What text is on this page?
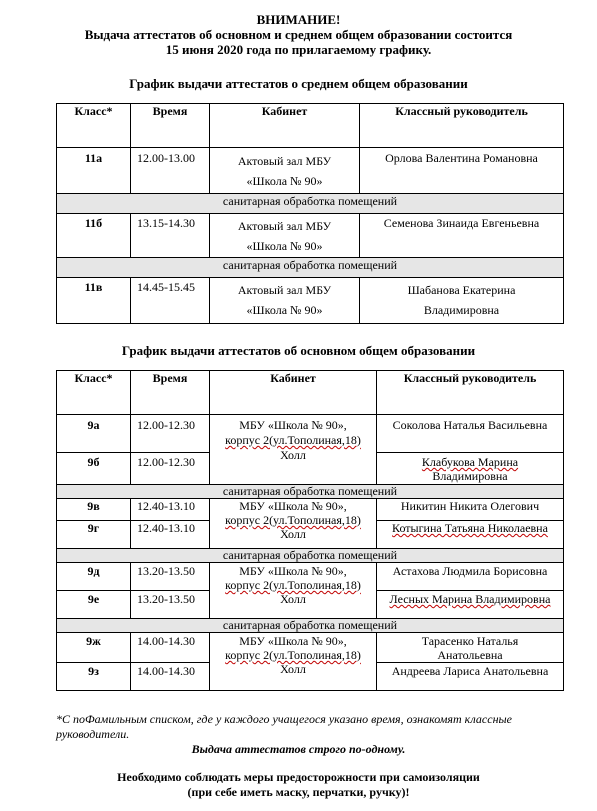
ВНИМАНИЕ!
Выдача аттестатов об основном и среднем общем образовании состоится
15 июня 2020 года по прилагаемому графику.
График выдачи аттестатов о среднем общем образовании
Класс*	Время	Кабинет	Классный руководитель
11а	12.00-13.00	Актовый зал МБУ
«Школа № 90»	Орлова Валентина Романовна
санитарная обработка помещений			
11б	13.15-14.30	Актовый зал МБУ
«Школа № 90»	Семенова Зинаида Евгеньевна
санитарная обработка помещений			
11в	14.45-15.45	Актовый зал МБУ
«Школа № 90»	Шабанова Екатерина
Владимировна
График выдачи аттестатов об основном общем образовании
Класс*	Время	Кабинет	Классный руководитель
9а	12.00-12.30	МБУ «Школа № 90»,
корпус 2(ул.Тополиная,18)
Холл	Соколова Наталья Васильевна
9б	12.00-12.30		Клабукова Марина
Владимировна
санитарная обработка помещений			
9в	12.40-13.10	МБУ «Школа № 90»,
корпус 2(ул.Тополиная,18)
Холл	Никитин Никита Олегович
9г	12.40-13.10		Котыгина Татьяна Николаевна
санитарная обработка помещений			
9д	13.20-13.50	МБУ «Школа № 90»,
корпус 2(ул.Тополиная,18)
Холл	Астахова Людмила Борисовна
9е	13.20-13.50		Лесных Марина Владимировна
санитарная обработка помещений			
9ж	14.00-14.30	МБУ «Школа № 90»,
корпус 2(ул.Тополиная,18)
Холл	Тарасенко Наталья
Анатольевна
9з	14.00-14.30		Андреева Лариса Анатольевна
*С поФамильным списком, где у каждого учащегося указано время, ознакомят классные
руководители.
Выдача аттестатов строго по-одному.
Необходимо соблюдать меры предосторожности при самоизоляции
(при себе иметь маску, перчатки, ручку)!
